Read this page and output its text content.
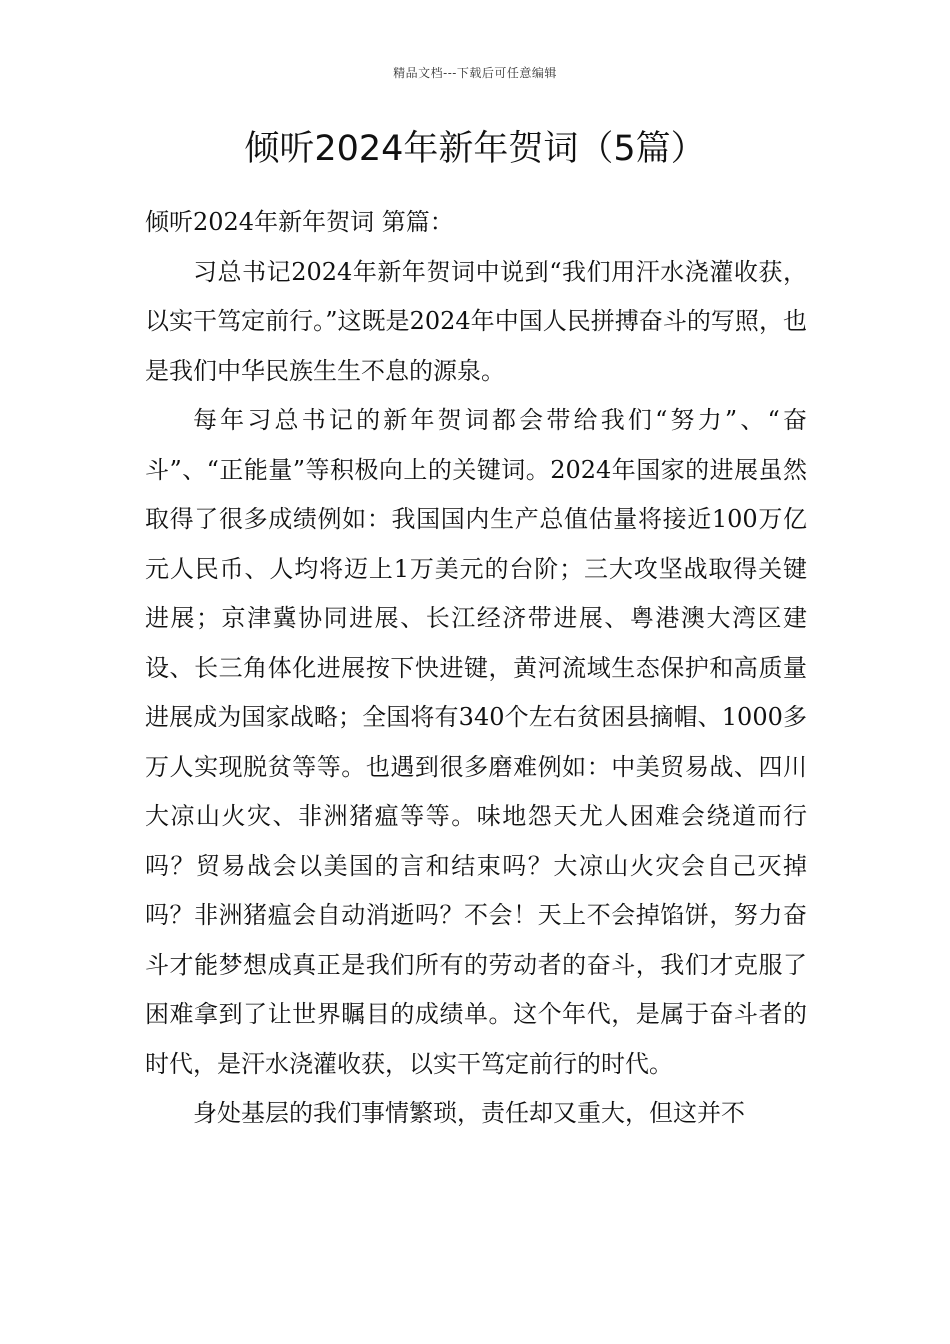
精品文档---下载后可任意编辑
倾听2024年新年贺词（5篇）

倾听2024年新年贺词 第篇：

习总书记2024年新年贺词中说到“我们用汗水浇灌收获，以实干笃定前行。”这既是2024年中国人民拼搏奋斗的写照，也是我们中华民族生生不息的源泉。

每年习总书记的新年贺词都会带给我们“努力”、“奋斗”、“正能量”等积极向上的关键词。2024年国家的进展虽然取得了很多成绩例如：我国国内生产总值估量将接近100万亿元人民币、人均将迈上1万美元的台阶；三大攻坚战取得关键进展；京津冀协同进展、长江经济带进展、粤港澳大湾区建设、长三角体化进展按下快进键，黄河流域生态保护和高质量进展成为国家战略；全国将有340个左右贫困县摘帽、1000多万人实现脱贫等等。也遇到很多磨难例如：中美贸易战、四川大凉山火灾、非洲猪瘟等等。味地怨天尤人困难会绕道而行吗？贸易战会以美国的言和结束吗？大凉山火灾会自己灭掉吗？非洲猪瘟会自动消逝吗？不会！天上不会掉馅饼，努力奋斗才能梦想成真正是我们所有的劳动者的奋斗，我们才克服了困难拿到了让世界瞩目的成绩单。这个年代，是属于奋斗者的时代，是汗水浇灌收获，以实干笃定前行的时代。

身处基层的我们事情繁琐，责任却又重大，但这并不
